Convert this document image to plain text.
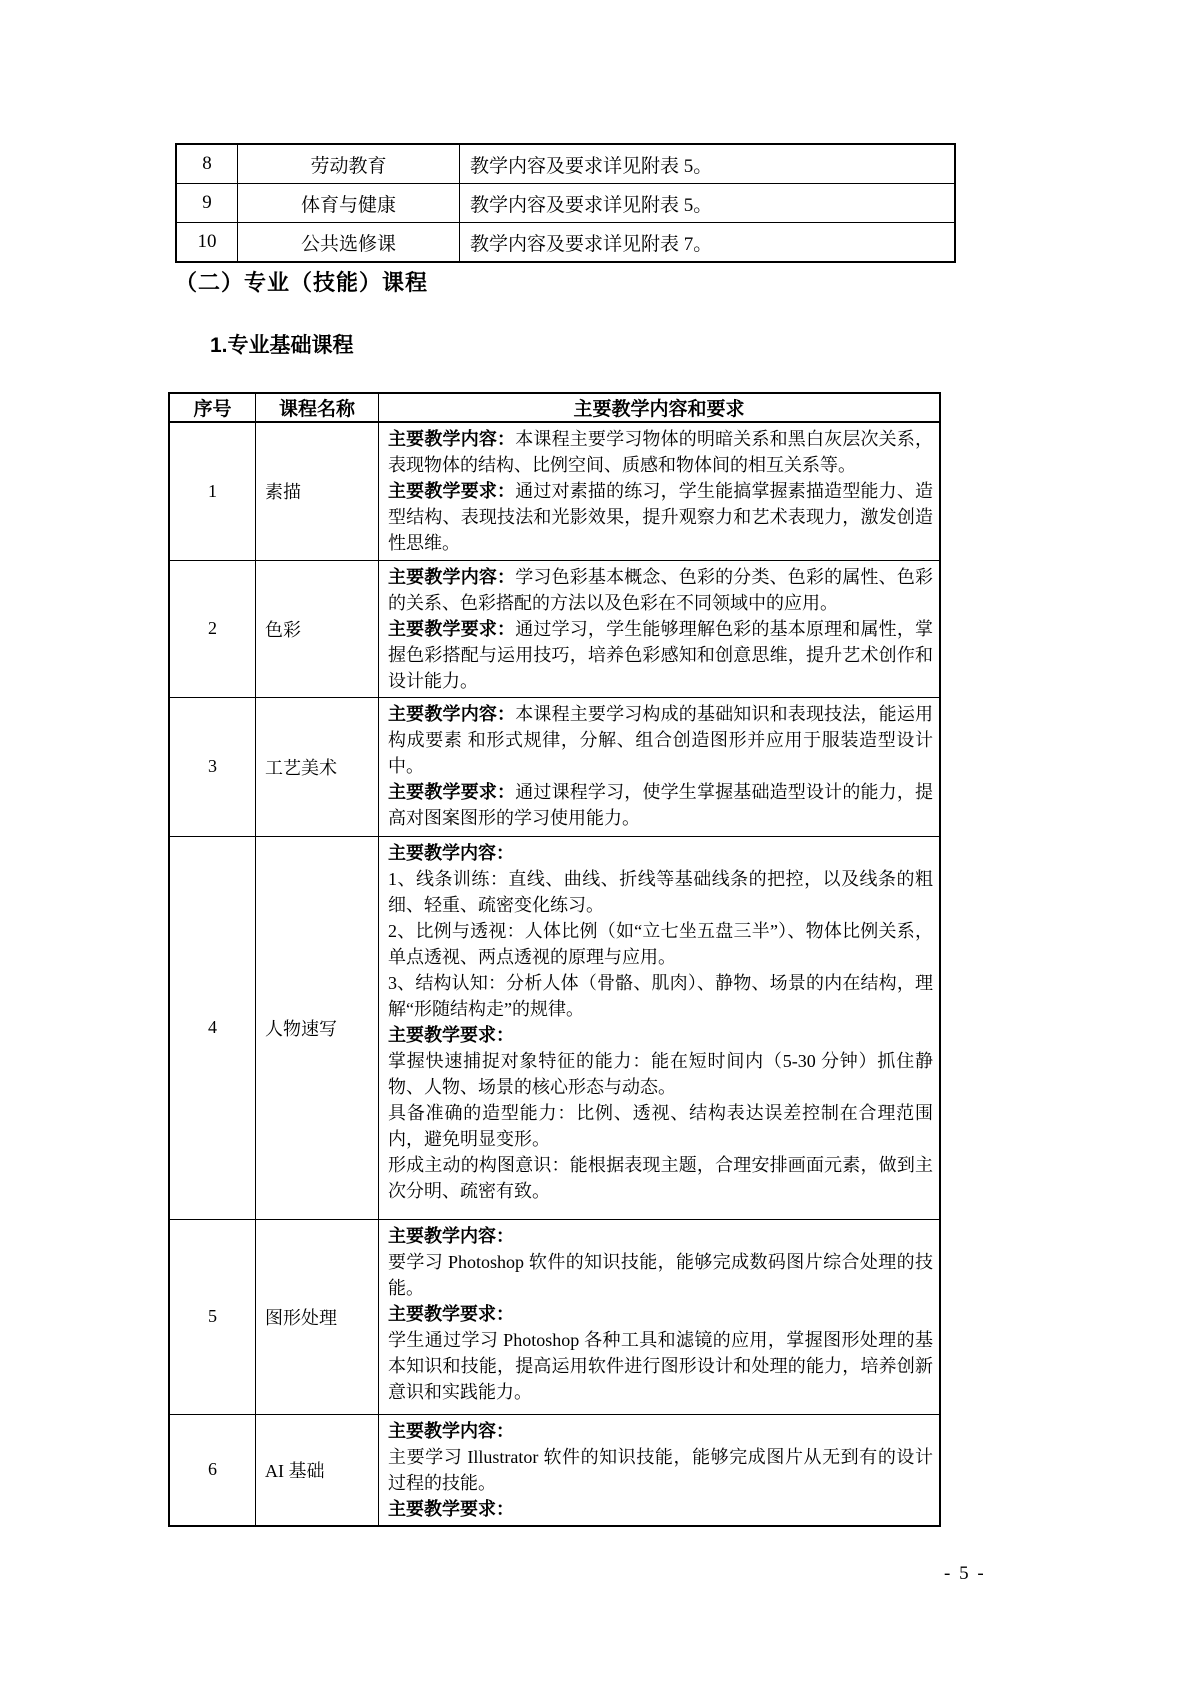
8	劳动教育	教学内容及要求详见附表 5。
9	体育与健康	教学内容及要求详见附表 5。
10	公共选修课	教学内容及要求详见附表 7。
（二）专业（技能）课程
1.专业基础课程
序号	课程名称	主要教学内容和要求
1	素描	主要教学内容：本课程主要学习物体的明暗关系和黑白灰层次关系，表现物体的结构、比例空间、质感和物体间的相互关系等。
主要教学要求：通过对素描的练习，学生能搞掌握素描造型能力、造型结构、表现技法和光影效果，提升观察力和艺术表现力，激发创造性思维。

2	色彩	主要教学内容：学习色彩基本概念、色彩的分类、色彩的属性、色彩的关系、色彩搭配的方法以及色彩在不同领域中的应用。
主要教学要求：通过学习，学生能够理解色彩的基本原理和属性，掌握色彩搭配与运用技巧，培养色彩感知和创意思维，提升艺术创作和设计能力。

3	工艺美术	主要教学内容：本课程主要学习构成的基础知识和表现技法，能运用构成要素 和形式规律，分解、组合创造图形并应用于服装造型设计中。
主要教学要求：通过课程学习，使学生掌握基础造型设计的能力，提高对图案图形的学习使用能力。

4	人物速写	
主要教学内容：
1、线条训练：直线、曲线、折线等基础线条的把控，以及线条的粗细、轻重、疏密变化练习。
2、比例与透视：人体比例（如“立七坐五盘三半”）、物体比例关系，单点透视、两点透视的原理与应用。
3、结构认知：分析人体（骨骼、肌肉）、静物、场景的内在结构，理解“形随结构走”的规律。
主要教学要求：
掌握快速捕捉对象特征的能力：能在短时间内（5-30 分钟）抓住静物、人物、场景的核心形态与动态。
具备准确的造型能力：比例、透视、结构表达误差控制在合理范围内，避免明显变形。
形成主动的构图意识：能根据表现主题，合理安排画面元素，做到主次分明、疏密有致。

5	图形处理	主要教学内容：
要学习 Photoshop 软件的知识技能，能够完成数码图片综合处理的技能。
主要教学要求：
学生通过学习 Photoshop 各种工具和滤镜的应用，掌握图形处理的基本知识和技能，提高运用软件进行图形设计和处理的能力，培养创新意识和实践能力。

6	AI 基础	主要教学内容：
主要学习 Illustrator 软件的知识技能，能够完成图片从无到有的设计过程的技能。
主要教学要求：
- 5 -
